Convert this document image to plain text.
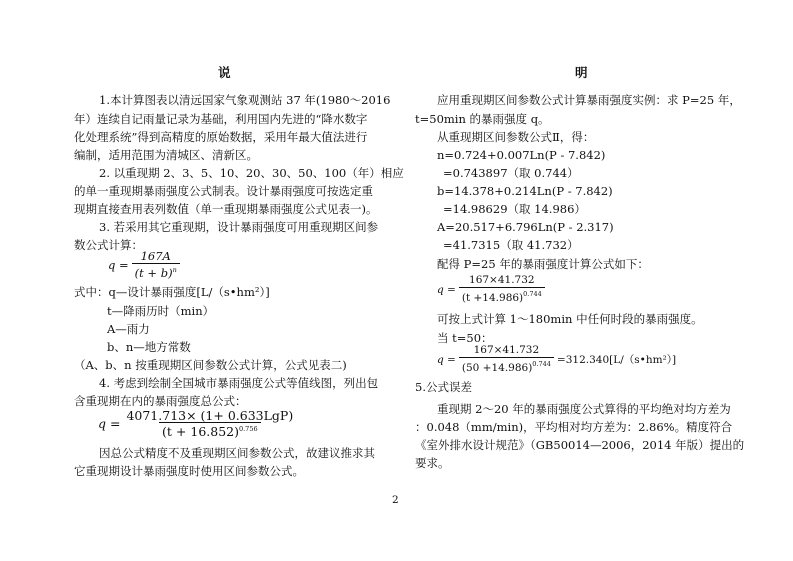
说	明
1.本计算图表以清远国家气象观测站 37 年(1980～2016
年）连续自记雨量记录为基础，利用国内先进的“降水数字
化处理系统”得到高精度的原始数据，采用年最大值法进行
编制，适用范围为清城区、清新区。
2. 以重现期 2、3、5、10、20、30、50、100（年）相应
的单一重现期暴雨强度公式制表。设计暴雨强度可按选定重
现期直接查用表列数值（单一重现期暴雨强度公式见表一)。
3. 若采用其它重现期，设计暴雨强度可用重现期区间参
数公式计算：
$q = \frac{167A}{(t + b)^n}$
式中：q—设计暴雨强度[L/（s•hm²）]
t—降雨历时（min）
A—雨力
b、n—地方常数
（A、b、n 按重现期区间参数公式计算，公式见表二)
4. 考虑到绘制全国城市暴雨强度公式等值线图，列出包
含重现期在内的暴雨强度总公式：
$q = \frac{\text{4071.713× (1+ 0.633LgP)}}{(t + 16.852)^{0.756}}$
因总公式精度不及重现期区间参数公式，故建议推求其
它重现期设计暴雨强度时使用区间参数公式。
应用重现期区间参数公式计算暴雨强度实例：求 P=25 年，
t=50min 的暴雨强度 q。
从重现期区间参数公式Ⅱ，得：
n=0.724+0.007Ln(P - 7.842)
=0.743897（取 0.744）
b=14.378+0.214Ln(P - 7.842)
=14.98629（取 14.986）
A=20.517+6.796Ln(P - 2.317)
=41.7315（取 41.732）
配得 P=25 年的暴雨强度计算公式如下：
$q = \frac{167\times 41.732}{(t +14.986)^{0.744}}$
可按上式计算 1～180min 中任何时段的暴雨强度。
当 t=50：
$q = \frac{167\times 41.732}{(50 +14.986)^{0.744}}$ =312.340[L/（s•hm²）]
5.公式误差
重现期 2～20 年的暴雨强度公式算得的平均绝对均方差为
：0.048（mm/min)，平均相对均方差为：2.86%。精度符合
《室外排水设计规范》（GB50014—2006，2014 年版）提出的
要求。
2
